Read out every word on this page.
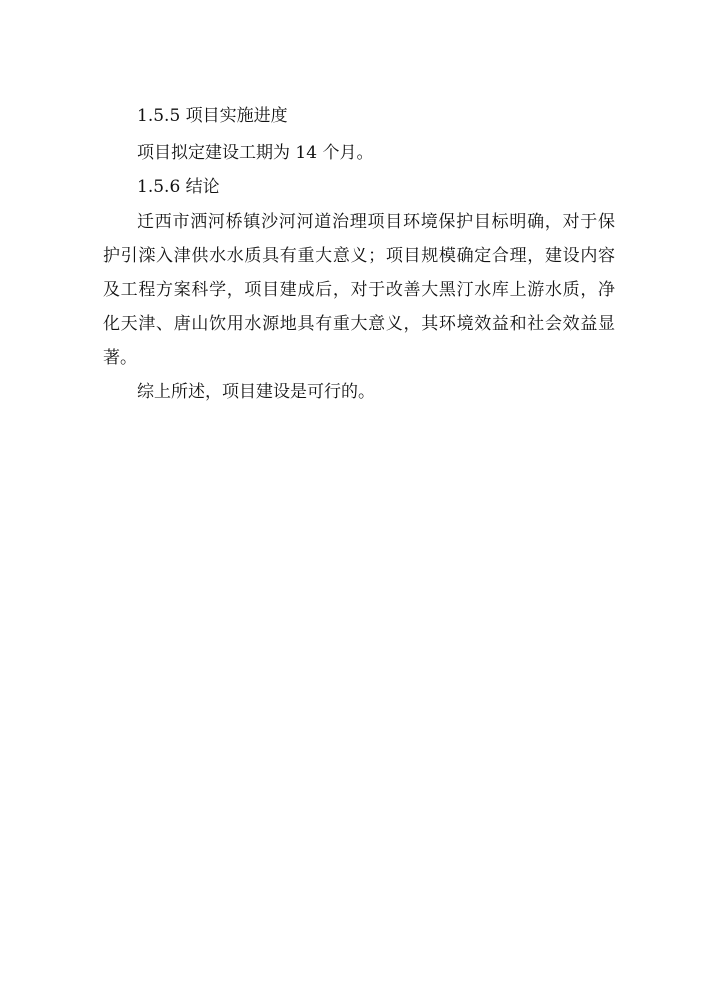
1.5.5 项目实施进度
项目拟定建设工期为 14 个月。
1.5.6 结论
迁西市洒河桥镇沙河河道治理项目环境保护目标明确，对于保
护引滦入津供水水质具有重大意义；项目规模确定合理，建设内容
及工程方案科学，项目建成后，对于改善大黑汀水库上游水质，净
化天津、唐山饮用水源地具有重大意义，其环境效益和社会效益显
著。
综上所述，项目建设是可行的。
